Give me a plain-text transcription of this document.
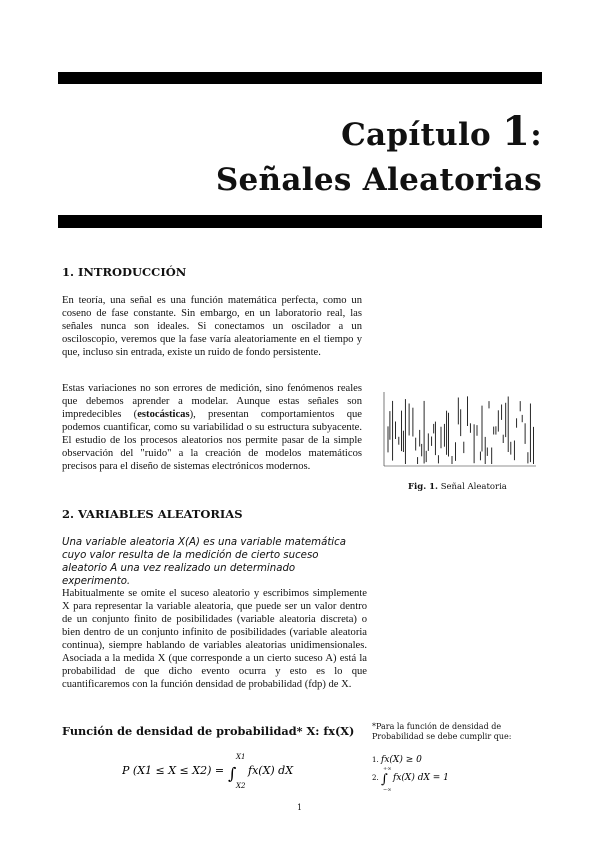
Capítulo 1:
Señales Aleatorias
1. INTRODUCCIÓN
En teoría, una señal es una función matemática perfecta, como un coseno de fase constante. Sin embargo, en un laboratorio real, las señales nunca son ideales. Si conectamos un oscilador a un osciloscopio, veremos que la fase varía aleatoriamente en el tiempo y que, incluso sin entrada, existe un ruido de fondo persistente.
Estas variaciones no son errores de medición, sino fenómenos reales que debemos aprender a modelar. Aunque estas señales son impredecibles (estocásticas), presentan comportamientos que podemos cuantificar, como su variabilidad o su estructura subyacente. El estudio de los procesos aleatorios nos permite pasar de la simple observación del "ruido" a la creación de modelos matemáticos precisos para el diseño de sistemas electrónicos modernos.
Fig. 1. Señal Aleatoria
2. VARIABLES ALEATORIAS
Una variable aleatoria X(A) es una variable matemática cuyo valor resulta de la medición de cierto suceso aleatorio A una vez realizado un determinado experimento.
Habitualmente se omite el suceso aleatorio y escribimos simplemente X para representar la variable aleatoria, que puede ser un valor dentro de un conjunto finito de posibilidades (variable aleatoria discreta) o bien dentro de un conjunto infinito de posibilidades (variable aleatoria continua), siempre hablando de variables aleatorias unidimensionales. Asociada a la medida X (que corresponde a un cierto suceso A) está la probabilidad de que dicho evento ocurra y esto es lo que cuantificaremos con la función densidad de probabilidad (fdp) de X.
Función de densidad de probabilidad* X: fx(X)
P (X1 ≤ X ≤ X2) =
X1
∫
X2
fx(X) dX
*Para la función de densidad de Probabilidad se debe cumplir que:
1. fx(X) ≥ 0
2.
+∞
∫
−∞
fx(X) dX = 1
1
